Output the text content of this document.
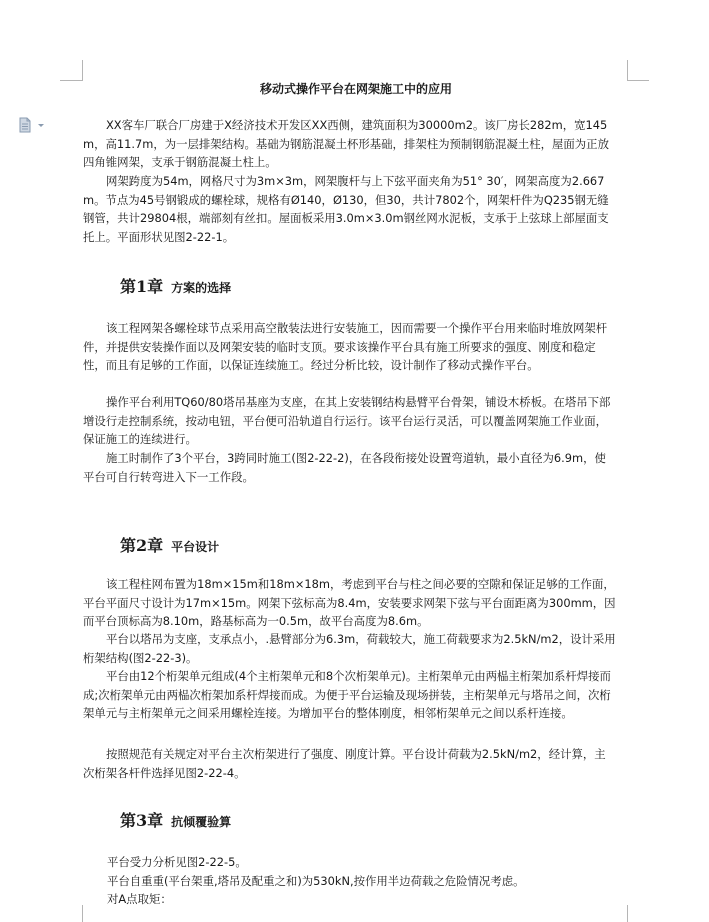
移动式操作平台在网架施工中的应用

XX客车厂联合厂房建于X经济技术开发区XX西侧，建筑面积为30000m2。该厂房长282m，宽145m，高11.7m，为一层排架结构。基础为钢筋混凝土杯形基础，排架柱为预制钢筋混凝土柱，屋面为正放四角锥网架，支承于钢筋混凝土柱上。

网架跨度为54m，网格尺寸为3m×3m，网架腹杆与上下弦平面夹角为51° 30′，网架高度为2.667m。节点为45号钢锻成的螺栓球，规格有Ø140，Ø130，但30，共计7802个，网架杆件为Q235钢无缝钢管，共计29804根，端部刻有丝扣。屋面板采用3.0m×3.0m钢丝网水泥板，支承于上弦球上部屋面支托上。平面形状见图2-22-1。

第1章 方案的选择

该工程网架各螺栓球节点采用高空散装法进行安装施工，因而需要一个操作平台用来临时堆放网架杆件，并提供安装操作面以及网架安装的临时支顶。要求该操作平台具有施工所要求的强度、刚度和稳定性，而且有足够的工作面，以保证连续施工。经过分析比较，设计制作了移动式操作平台。

操作平台利用TQ60/80塔吊基座为支座，在其上安装钢结构悬臂平台骨架，铺设木桥板。在塔吊下部增设行走控制系统，按动电钮，平台便可沿轨道自行运行。该平台运行灵活，可以覆盖网架施工作业面，保证施工的连续进行。

施工时制作了3个平台，3跨同时施工(图2-22-2)，在各段衔接处设置弯道轨，最小直径为6.9m，使平台可自行转弯进入下一工作段。

第2章 平台设计

该工程柱网布置为18m×15m和18m×18m，考虑到平台与柱之间必要的空隙和保证足够的工作面，平台平面尺寸设计为17m×15m。网架下弦标高为8.4m，安装要求网架下弦与平台面距离为300mm，因而平台顶标高为8.10m，路基标高为一0.5m，故平台高度为8.6m。

平台以塔吊为支座，支承点小，.悬臂部分为6.3m，荷载较大，施工荷载要求为2.5kN/m2，设计采用桁架结构(图2-22-3)。

平台由12个桁架单元组成(4个主桁架单元和8个次桁架单元)。主桁架单元由两榀主桁架加系杆焊接而成;次桁架单元由两榀次桁架加系杆焊接而成。为便于平台运输及现场拼装，主桁架单元与塔吊之间，次桁架单元与主桁架单元之间采用螺栓连接。为增加平台的整体刚度，相邻桁架单元之间以系杆连接。

按照规范有关规定对平台主次桁架进行了强度、刚度计算。平台设计荷载为2.5kN/m2，经计算，主次桁架各杆件选择见图2-22-4。

第3章 抗倾覆验算

平台受力分析见图2-22-5。

平台自重重(平台架重,塔吊及配重之和)为530kN,按作用半边荷载之危险情况考虑。

对A点取矩：
